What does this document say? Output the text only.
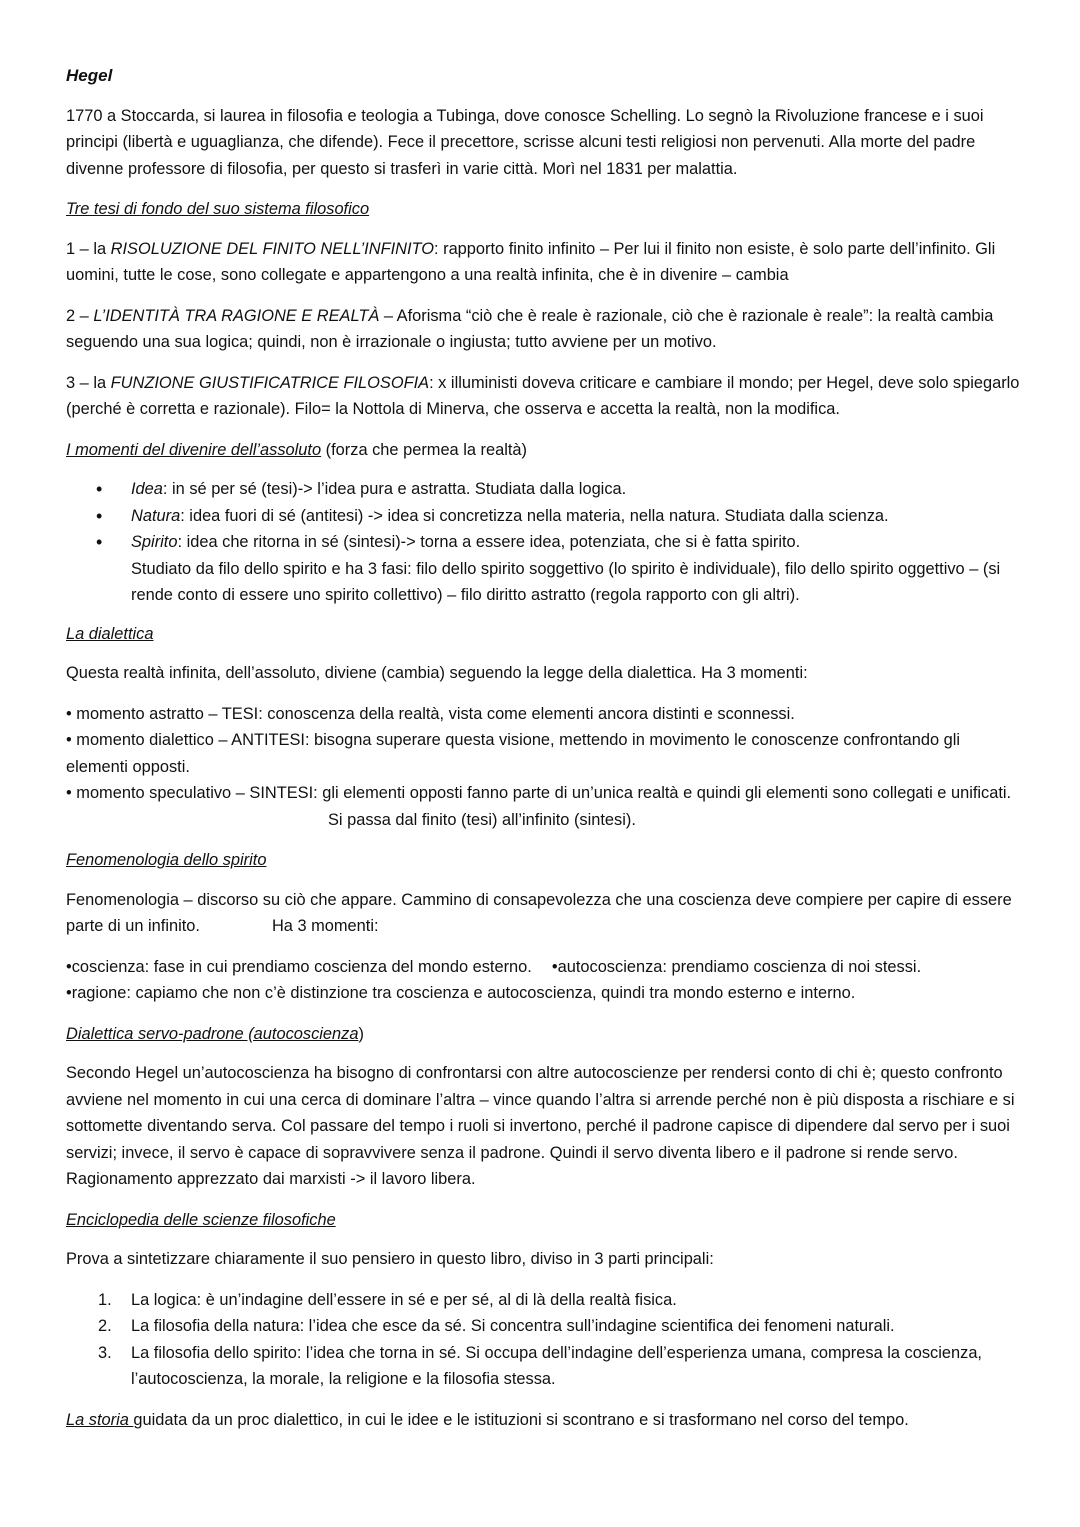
Hegel

1770 a Stoccarda, si laurea in filosofia e teologia a Tubinga, dove conosce Schelling. Lo segnò la Rivoluzione francese e i suoi principi (libertà e uguaglianza, che difende). Fece il precettore, scrisse alcuni testi religiosi non pervenuti. Alla morte del padre divenne professore di filosofia, per questo si trasferì in varie città. Morì nel 1831 per malattia.

Tre tesi di fondo del suo sistema filosofico

1 – la RISOLUZIONE DEL FINITO NELL’INFINITO: rapporto finito infinito – Per lui il finito non esiste, è solo parte dell’infinito. Gli uomini, tutte le cose, sono collegate e appartengono a una realtà infinita, che è in divenire – cambia

2 – L’IDENTITÀ TRA RAGIONE E REALTÀ – Aforisma “ciò che è reale è razionale, ciò che è razionale è reale”: la realtà cambia seguendo una sua logica; quindi, non è irrazionale o ingiusta; tutto avviene per un motivo.

3 – la FUNZIONE GIUSTIFICATRICE FILOSOFIA: x illuministi doveva criticare e cambiare il mondo; per Hegel, deve solo spiegarlo (perché è corretta e razionale). Filo= la Nottola di Minerva, che osserva e accetta la realtà, non la modifica.

I momenti del divenire dell’assoluto (forza che permea la realtà)
• Idea: in sé per sé (tesi)-> l’idea pura e astratta. Studiata dalla logica.
• Natura: idea fuori di sé (antitesi) -> idea si concretizza nella materia, nella natura. Studiata dalla scienza.
• Spirito: idea che ritorna in sé (sintesi)-> torna a essere idea, potenziata, che si è fatta spirito.
Studiato da filo dello spirito e ha 3 fasi: filo dello spirito soggettivo (lo spirito è individuale), filo dello spirito oggettivo – (si rende conto di essere uno spirito collettivo) – filo diritto astratto (regola rapporto con gli altri).
La dialettica

Questa realtà infinita, dell’assoluto, diviene (cambia) seguendo la legge della dialettica. Ha 3 momenti:

• momento astratto – TESI: conoscenza della realtà, vista come elementi ancora distinti e sconnessi.
• momento dialettico – ANTITESI: bisogna superare questa visione, mettendo in movimento le conoscenze confrontando gli elementi opposti.
• momento speculativo – SINTESI: gli elementi opposti fanno parte di un’unica realtà e quindi gli elementi sono collegati e unificati.Si passa dal finito (tesi) all’infinito (sintesi).
Fenomenologia dello spirito

Fenomenologia – discorso su ciò che appare. Cammino di consapevolezza che una coscienza deve compiere per capire di essere parte di un infinito.	Ha 3 momenti:

•coscienza: fase in cui prendiamo coscienza del mondo esterno. •autocoscienza: prendiamo coscienza di noi stessi.
•ragione: capiamo che non c’è distinzione tra coscienza e autocoscienza, quindi tra mondo esterno e interno.
Dialettica servo-padrone (autocoscienza)

Secondo Hegel un’autocoscienza ha bisogno di confrontarsi con altre autocoscienze per rendersi conto di chi è; questo confronto avviene nel momento in cui una cerca di dominare l’altra – vince quando l’altra si arrende perché non è più disposta a rischiare e si sottomette diventando serva. Col passare del tempo i ruoli si invertono, perché il padrone capisce di dipendere dal servo per i suoi servizi; invece, il servo è capace di sopravvivere senza il padrone. Quindi il servo diventa libero e il padrone si rende servo.Ragionamento apprezzato dai marxisti -> il lavoro libera.

Enciclopedia delle scienze filosofiche

Prova a sintetizzare chiaramente il suo pensiero in questo libro, diviso in 3 parti principali:

1. La logica: è un’indagine dell’essere in sé e per sé, al di là della realtà fisica.
2. La filosofia della natura: l’idea che esce da sé. Si concentra sull’indagine scientifica dei fenomeni naturali.
3. La filosofia dello spirito: l’idea che torna in sé. Si occupa dell’indagine dell’esperienza umana, compresa la coscienza, l’autocoscienza, la morale, la religione e la filosofia stessa.
La storia guidata da un proc dialettico, in cui le idee e le istituzioni si scontrano e si trasformano nel corso del tempo.
